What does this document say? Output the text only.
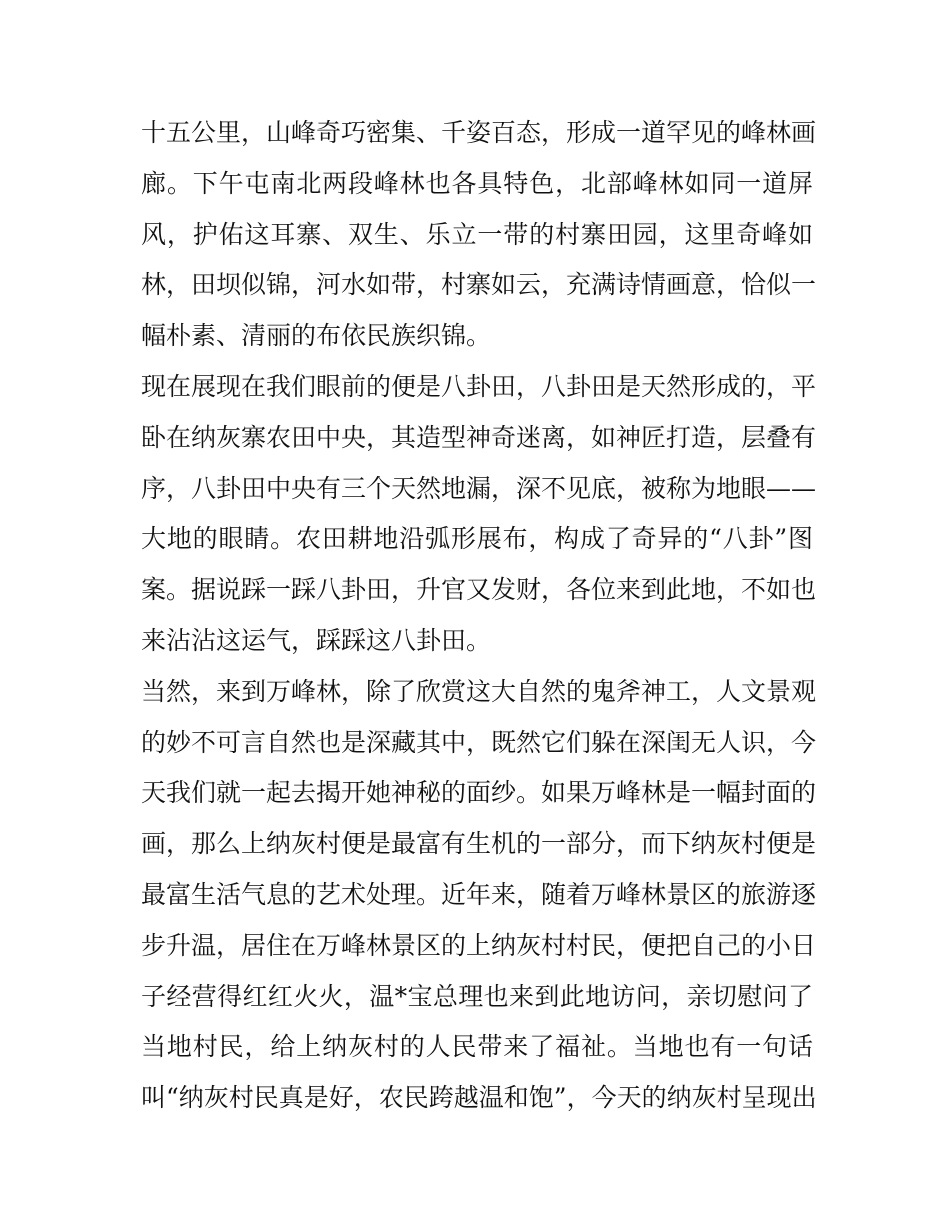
十五公里，山峰奇巧密集、千姿百态，形成一道罕见的峰林画
廊。下午屯南北两段峰林也各具特色，北部峰林如同一道屏
风，护佑这耳寨、双生、乐立一带的村寨田园，这里奇峰如
林，田坝似锦，河水如带，村寨如云，充满诗情画意，恰似一
幅朴素、清丽的布依民族织锦。
现在展现在我们眼前的便是八卦田，八卦田是天然形成的，平
卧在纳灰寨农田中央，其造型神奇迷离，如神匠打造，层叠有
序，八卦田中央有三个天然地漏，深不见底，被称为地眼——
大地的眼睛。农田耕地沿弧形展布，构成了奇异的“八卦”图
案。据说踩一踩八卦田，升官又发财，各位来到此地，不如也
来沾沾这运气，踩踩这八卦田。
当然，来到万峰林，除了欣赏这大自然的鬼斧神工，人文景观
的妙不可言自然也是深藏其中，既然它们躲在深闺无人识，今
天我们就一起去揭开她神秘的面纱。如果万峰林是一幅封面的
画，那么上纳灰村便是最富有生机的一部分，而下纳灰村便是
最富生活气息的艺术处理。近年来，随着万峰林景区的旅游逐
步升温，居住在万峰林景区的上纳灰村村民，便把自己的小日
子经营得红红火火，温*宝总理也来到此地访问，亲切慰问了
当地村民，给上纳灰村的人民带来了福祉。当地也有一句话
叫“纳灰村民真是好，农民跨越温和饱”，今天的纳灰村呈现出
